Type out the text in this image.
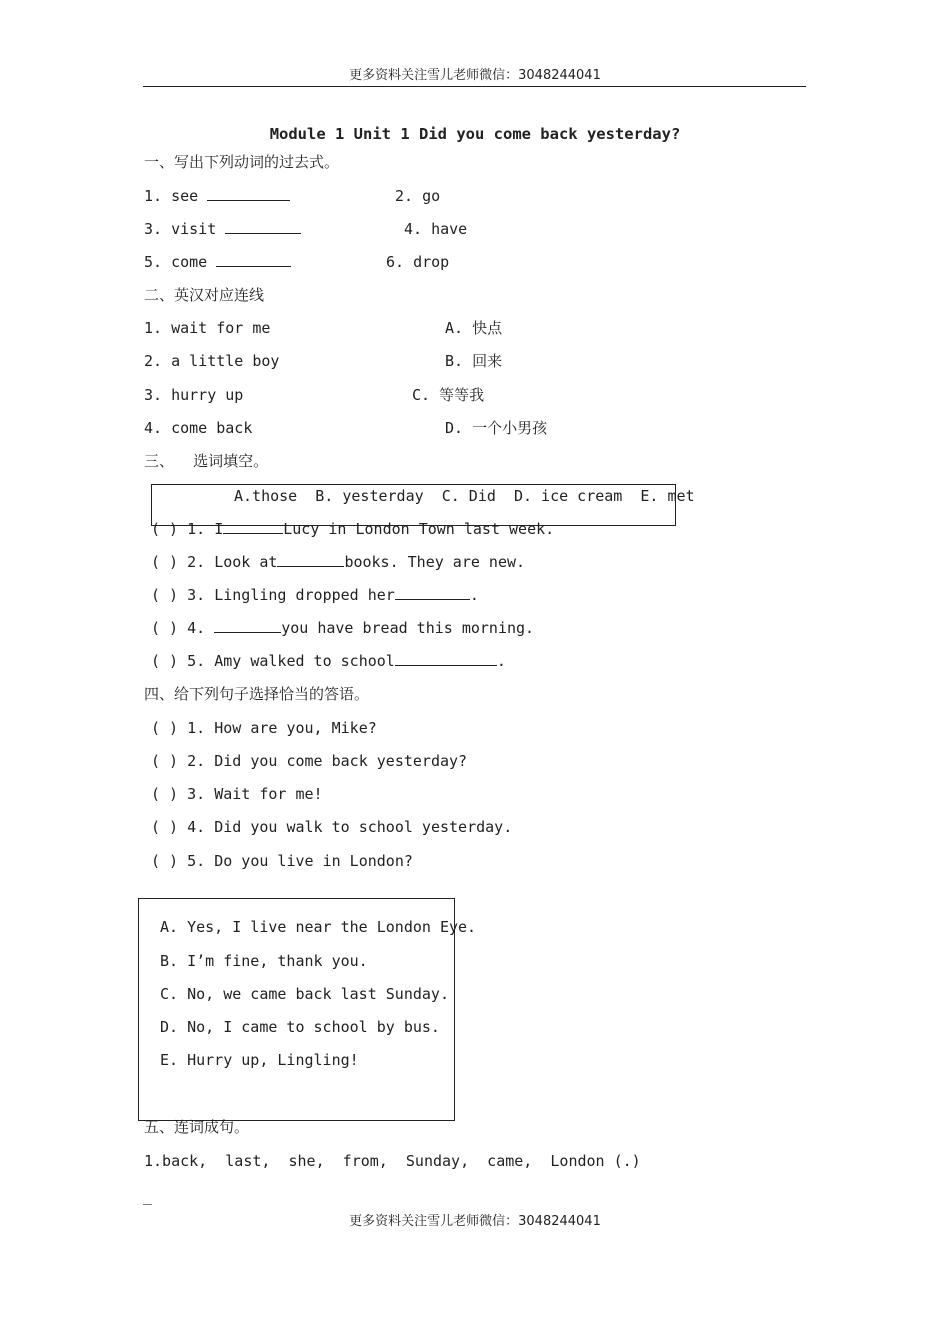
更多资料关注雪儿老师微信：3048244041
Module 1 Unit 1 Did you come back yesterday?
一、写出下列动词的过去式。
1. see	2. go
3. visit	4. have
5. come	6. drop
二、英汉对应连线
1. wait for me	A. 快点
2. a little boy	B. 回来
3. hurry up	C. 等等我
4. come back	D. 一个小男孩
三、    选词填空。
A.those  B. yesterday  C. Did  D. ice cream  E. met
( ) 1. I	Lucy in London Town last week.
( ) 2. Look at	books. They are new.
( ) 3. Lingling dropped her	.
( ) 4.	you have bread this morning.
( ) 5. Amy walked to school	.
四、给下列句子选择恰当的答语。
( ) 1. How are you, Mike?
( ) 2. Did you come back yesterday?
( ) 3. Wait for me!
( ) 4. Did you walk to school yesterday.
( ) 5. Do you live in London?
A. Yes, I live near the London Eye.
B. I’m fine, thank you.
C. No, we came back last Sunday.
D. No, I came to school by bus.
E. Hurry up, Lingling!
五、连词成句。
1.back,  last,  she,  from,  Sunday,  came,  London (.)
_
更多资料关注雪儿老师微信：3048244041
